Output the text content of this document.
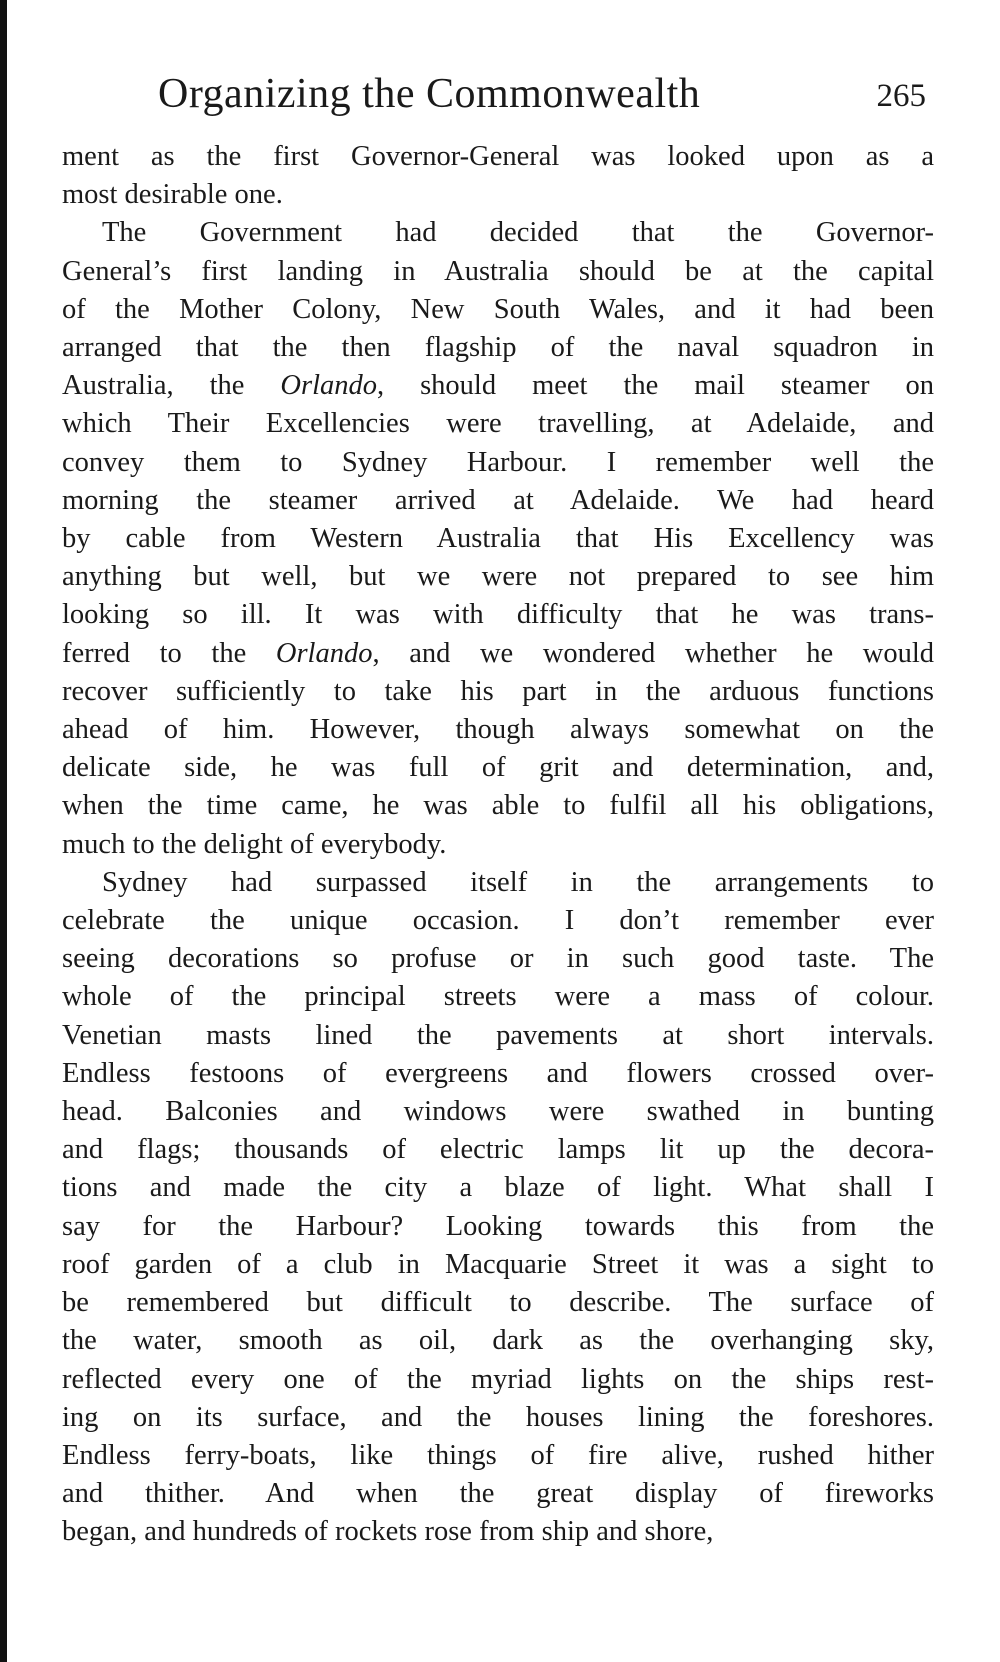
Organizing the Commonwealth	265
ment as the first Governor-General was looked upon as a
most desirable one.
The Government had decided that the Governor-
General’s first landing in Australia should be at the capital
of the Mother Colony, New South Wales, and it had been
arranged that the then flagship of the naval squadron in
Australia, the Orlando, should meet the mail steamer on
which Their Excellencies were travelling, at Adelaide, and
convey them to Sydney Harbour. I remember well the
morning the steamer arrived at Adelaide. We had heard
by cable from Western Australia that His Excellency was
anything but well, but we were not prepared to see him
looking so ill. It was with difficulty that he was trans-
ferred to the Orlando, and we wondered whether he would
recover sufficiently to take his part in the arduous functions
ahead of him. However, though always somewhat on the
delicate side, he was full of grit and determination, and,
when the time came, he was able to fulfil all his obligations,
much to the delight of everybody.
Sydney had surpassed itself in the arrangements to
celebrate the unique occasion. I don’t remember ever
seeing decorations so profuse or in such good taste. The
whole of the principal streets were a mass of colour.
Venetian masts lined the pavements at short intervals.
Endless festoons of evergreens and flowers crossed over-
head. Balconies and windows were swathed in bunting
and flags; thousands of electric lamps lit up the decora-
tions and made the city a blaze of light. What shall I
say for the Harbour? Looking towards this from the
roof garden of a club in Macquarie Street it was a sight to
be remembered but difficult to describe. The surface of
the water, smooth as oil, dark as the overhanging sky,
reflected every one of the myriad lights on the ships rest-
ing on its surface, and the houses lining the foreshores.
Endless ferry-boats, like things of fire alive, rushed hither
and thither. And when the great display of fireworks
began, and hundreds of rockets rose from ship and shore,
